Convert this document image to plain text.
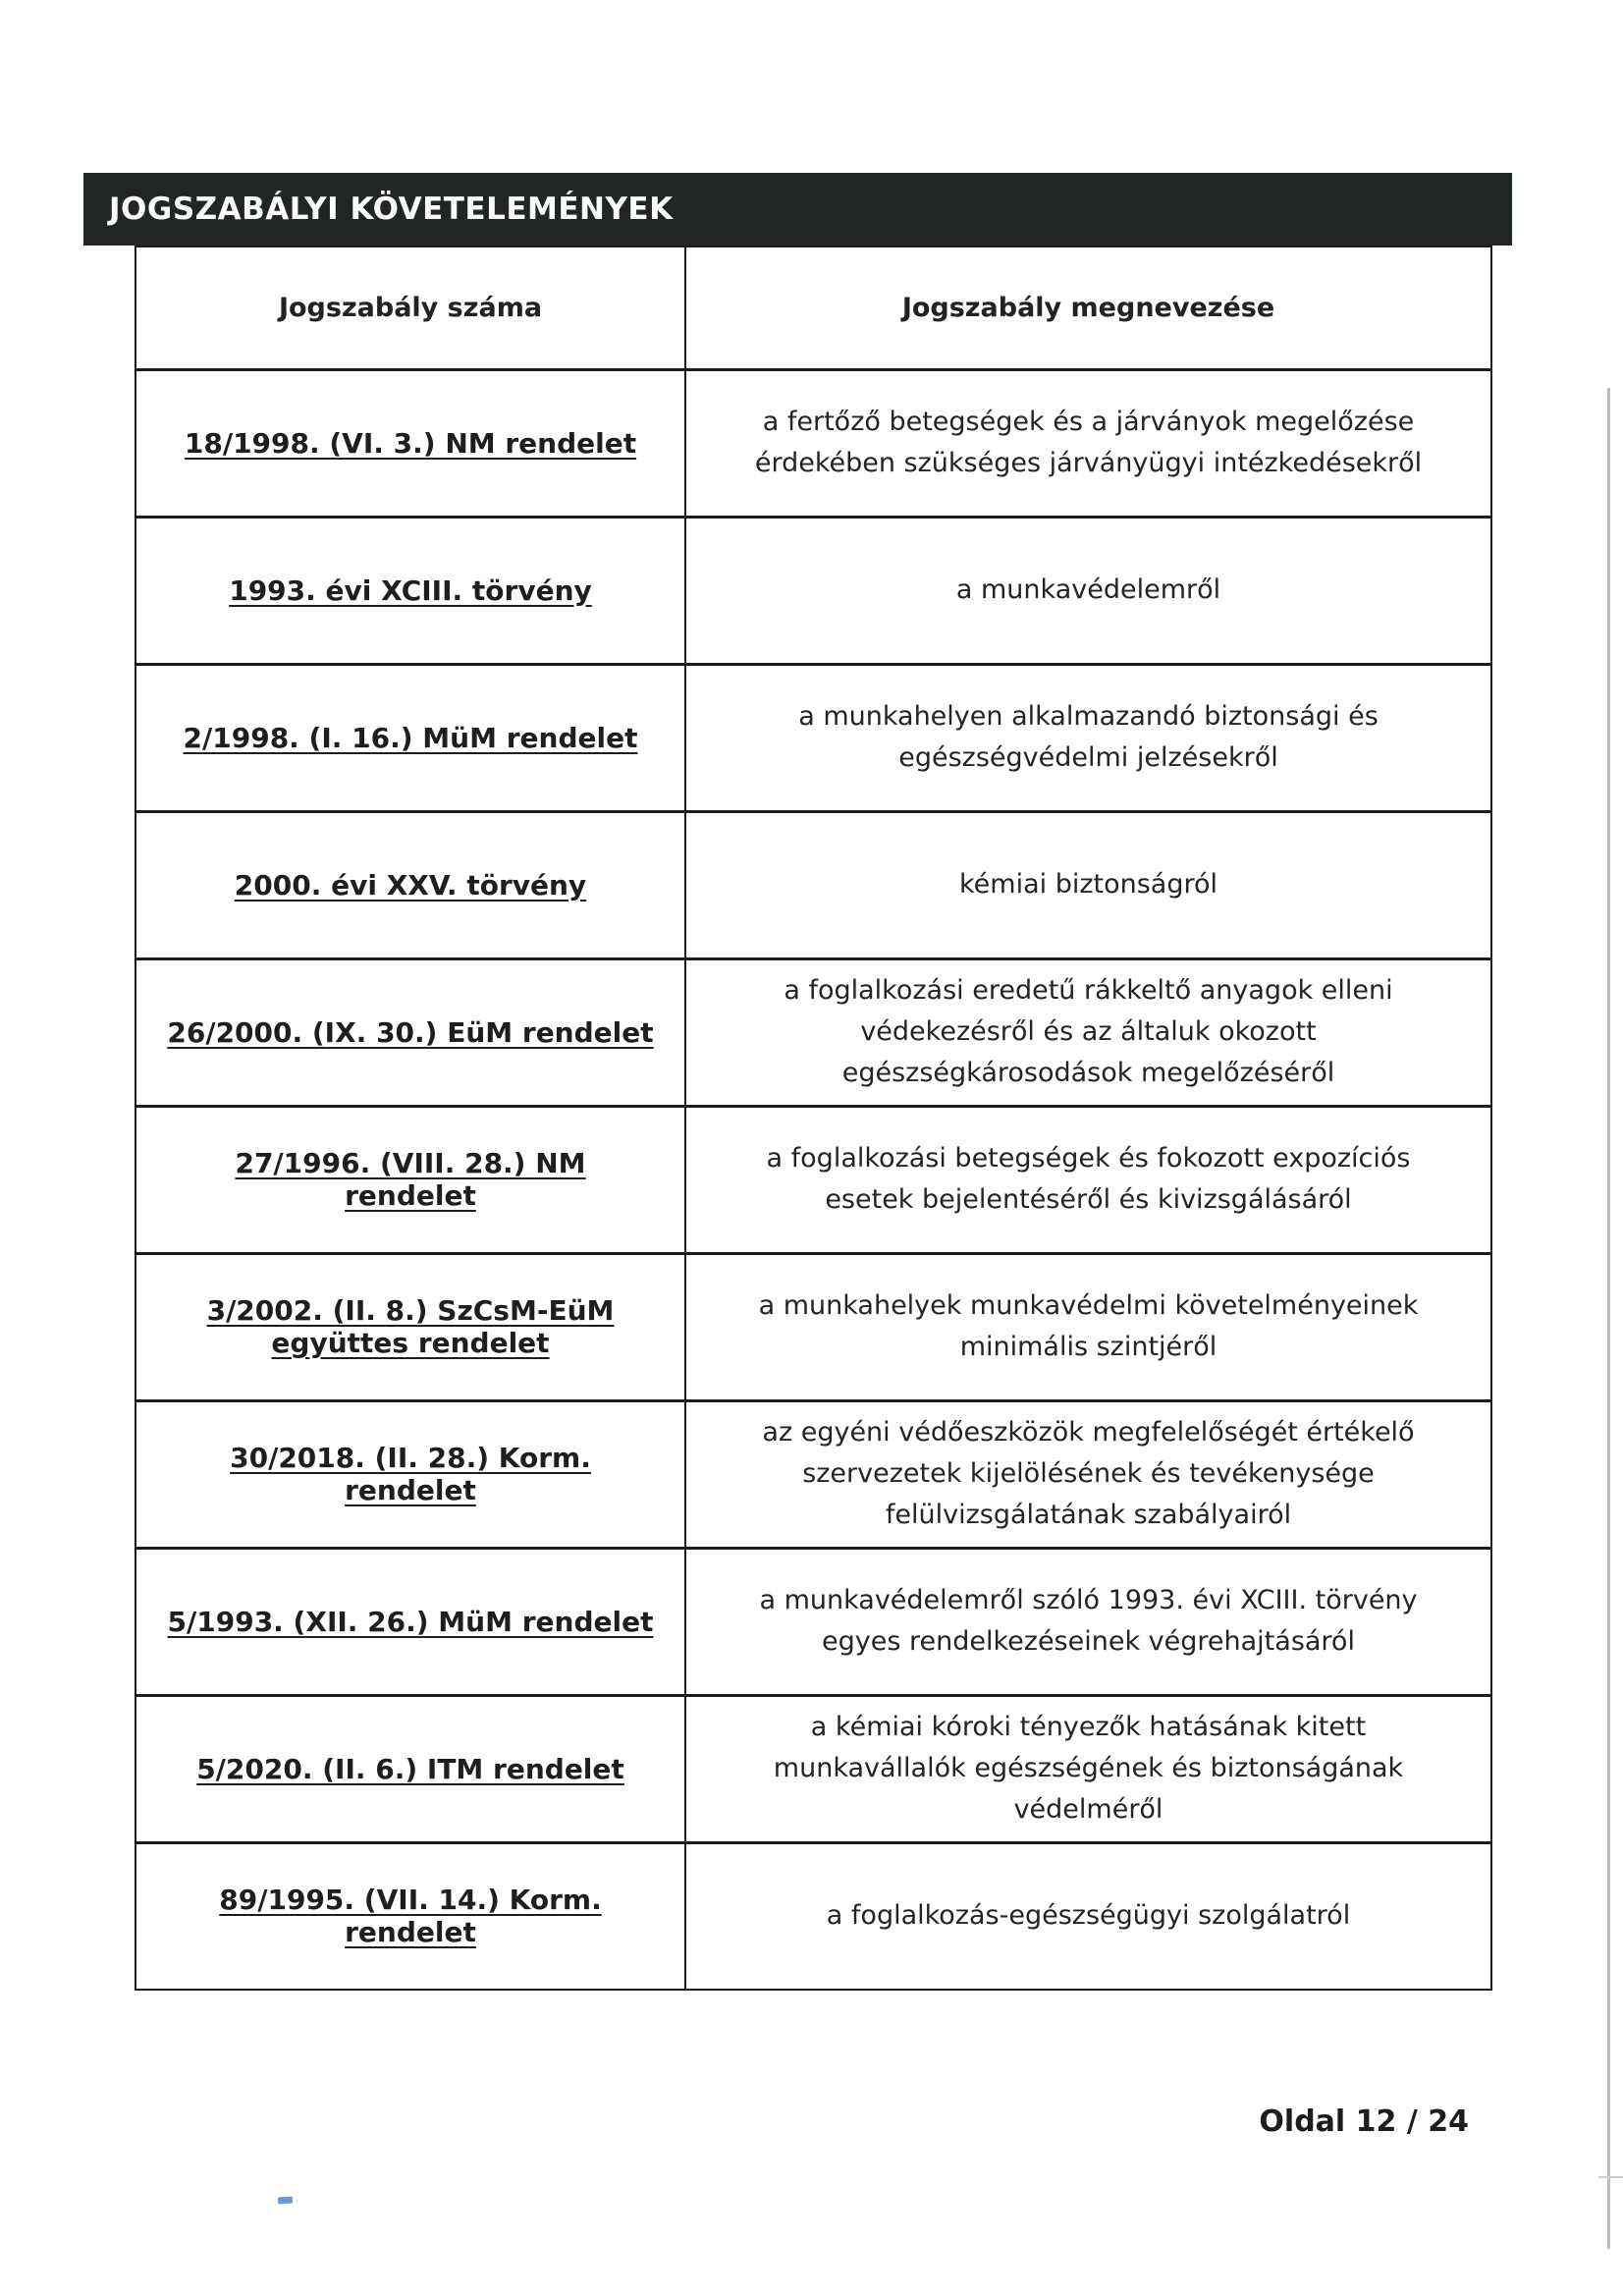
JOGSZABÁLYI KÖVETELEMÉNYEK
Jogszabály száma	Jogszabály megnevezése
18/1998. (VI. 3.) NM rendelet	a fertőző betegségek és a járványok megelőzése érdekében szükséges járványügyi intézkedésekről
1993. évi XCIII. törvény	a munkavédelemről
2/1998. (I. 16.) MüM rendelet	a munkahelyen alkalmazandó biztonsági és egészségvédelmi jelzésekről
2000. évi XXV. törvény	kémiai biztonságról
26/2000. (IX. 30.) EüM rendelet	a foglalkozási eredetű rákkeltő anyagok elleni védekezésről és az általuk okozott egészségkárosodások megelőzéséről
27/1996. (VIII. 28.) NM rendelet	a foglalkozási betegségek és fokozott expozíciós esetek bejelentéséről és kivizsgálásáról
3/2002. (II. 8.) SzCsM-EüM együttes rendelet	a munkahelyek munkavédelmi követelményeinek minimális szintjéről
30/2018. (II. 28.) Korm. rendelet	az egyéni védőeszközök megfelelőségét értékelő szervezetek kijelölésének és tevékenysége felülvizsgálatának szabályairól
5/1993. (XII. 26.) MüM rendelet	a munkavédelemről szóló 1993. évi XCIII. törvény egyes rendelkezéseinek végrehajtásáról
5/2020. (II. 6.) ITM rendelet	a kémiai kóroki tényezők hatásának kitett munkavállalók egészségének és biztonságának védelméről
89/1995. (VII. 14.) Korm. rendelet	a foglalkozás-egészségügyi szolgálatról
Oldal 12 / 24
